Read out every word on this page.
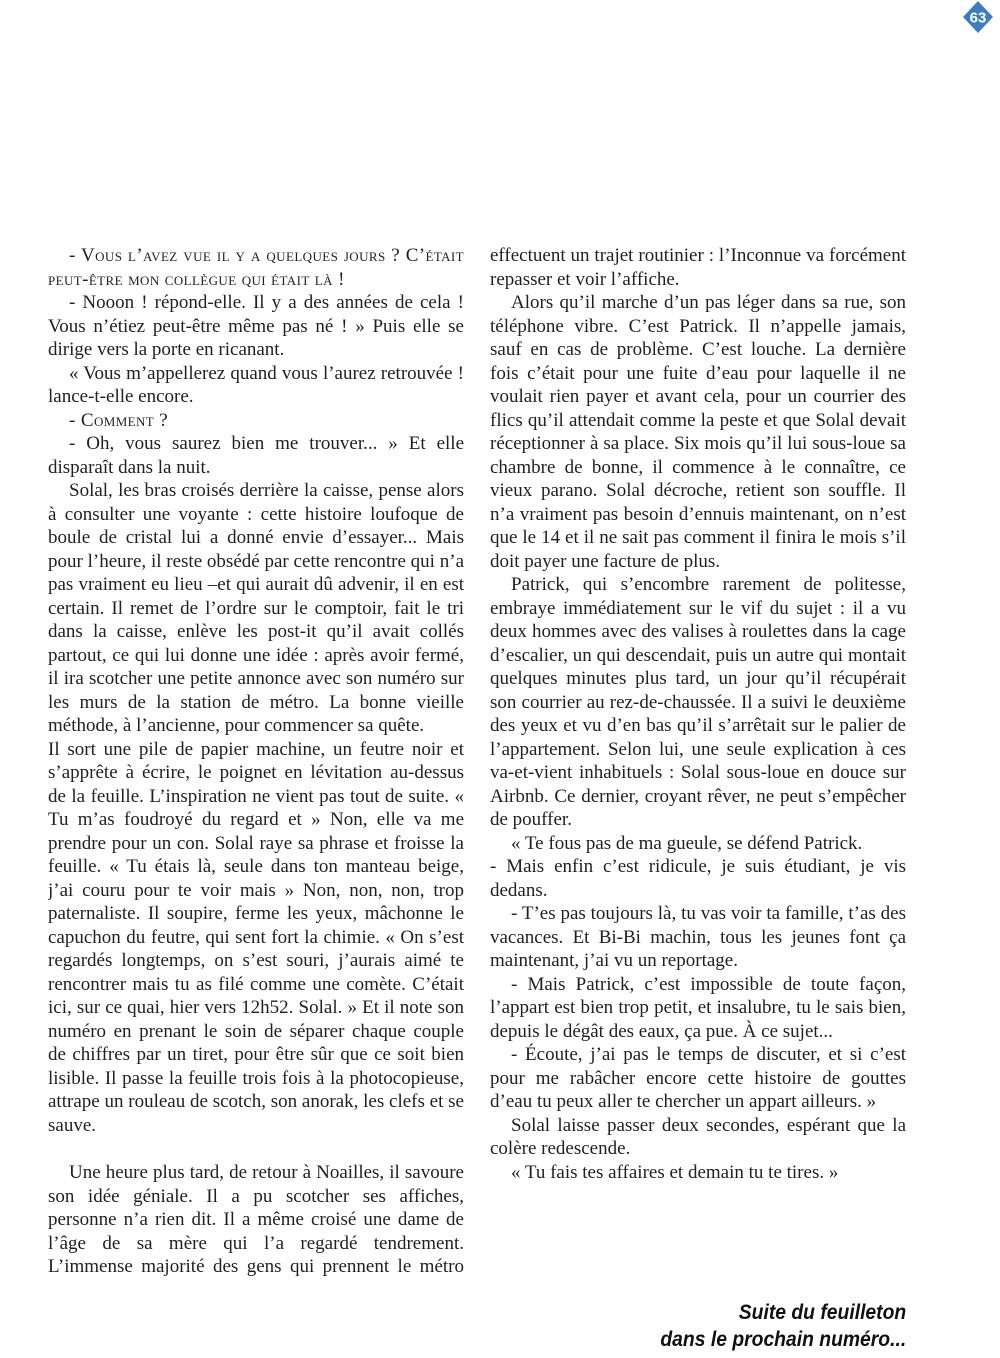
63

- Vous l’avez vue il y a quelques jours ? C’était peut-être mon collègue qui était là !

- Nooon ! répond-elle. Il y a des années de cela ! Vous n’étiez peut-être même pas né ! » Puis elle se dirige vers la porte en ricanant.

« Vous m’appellerez quand vous l’aurez retrouvée ! lance-t-elle encore.

- Comment ?

- Oh, vous saurez bien me trouver... » Et elle disparaît dans la nuit.

Solal, les bras croisés derrière la caisse, pense alors à consulter une voyante : cette histoire loufoque de boule de cristal lui a donné envie d’essayer... Mais pour l’heure, il reste obsédé par cette rencontre qui n’a pas vraiment eu lieu –et qui aurait dû advenir, il en est certain. Il remet de l’ordre sur le comptoir, fait le tri dans la caisse, enlève les post-it qu’il avait collés partout, ce qui lui donne une idée : après avoir fermé, il ira scotcher une petite annonce avec son numéro sur les murs de la station de métro. La bonne vieille méthode, à l’ancienne, pour commencer sa quête.

Il sort une pile de papier machine, un feutre noir et s’apprête à écrire, le poignet en lévitation au-dessus de la feuille. L’inspiration ne vient pas tout de suite. « Tu m’as foudroyé du regard et » Non, elle va me prendre pour un con. Solal raye sa phrase et froisse la feuille. « Tu étais là, seule dans ton manteau beige, j’ai couru pour te voir mais » Non, non, non, trop paternaliste. Il soupire, ferme les yeux, mâchonne le capuchon du feutre, qui sent fort la chimie. « On s’est regardés longtemps, on s’est souri, j’aurais aimé te rencontrer mais tu as filé comme une comète. C’était ici, sur ce quai, hier vers 12h52. Solal. » Et il note son numéro en prenant le soin de séparer chaque couple de chiffres par un tiret, pour être sûr que ce soit bien lisible. Il passe la feuille trois fois à la photocopieuse, attrape un rouleau de scotch, son anorak, les clefs et se sauve.

Une heure plus tard, de retour à Noailles, il savoure son idée géniale. Il a pu scotcher ses affiches, personne n’a rien dit. Il a même croisé une dame de l’âge de sa mère qui l’a regardé tendrement. L’immense majorité des gens qui prennent le métro effectuent un trajet routinier : l’Inconnue va forcément repasser et voir l’affiche.

Alors qu’il marche d’un pas léger dans sa rue, son téléphone vibre. C’est Patrick. Il n’appelle jamais, sauf en cas de problème. C’est louche. La dernière fois c’était pour une fuite d’eau pour laquelle il ne voulait rien payer et avant cela, pour un courrier des flics qu’il attendait comme la peste et que Solal devait réceptionner à sa place. Six mois qu’il lui sous-loue sa chambre de bonne, il commence à le connaître, ce vieux parano. Solal décroche, retient son souffle. Il n’a vraiment pas besoin d’ennuis maintenant, on n’est que le 14 et il ne sait pas comment il finira le mois s’il doit payer une facture de plus.

Patrick, qui s’encombre rarement de politesse, embraye immédiatement sur le vif du sujet : il a vu deux hommes avec des valises à roulettes dans la cage d’escalier, un qui descendait, puis un autre qui montait quelques minutes plus tard, un jour qu’il récupérait son courrier au rez-de-chaussée. Il a suivi le deuxième des yeux et vu d’en bas qu’il s’arrêtait sur le palier de l’appartement. Selon lui, une seule explication à ces va-et-vient inhabituels : Solal sous-loue en douce sur Airbnb. Ce dernier, croyant rêver, ne peut s’empêcher de pouffer.

« Te fous pas de ma gueule, se défend Patrick.

- Mais enfin c’est ridicule, je suis étudiant, je vis dedans.

- T’es pas toujours là, tu vas voir ta famille, t’as des vacances. Et Bi-Bi machin, tous les jeunes font ça maintenant, j’ai vu un reportage.

- Mais Patrick, c’est impossible de toute façon, l’appart est bien trop petit, et insalubre, tu le sais bien, depuis le dégât des eaux, ça pue. À ce sujet...

- Écoute, j’ai pas le temps de discuter, et si c’est pour me rabâcher encore cette histoire de gouttes d’eau tu peux aller te chercher un appart ailleurs. »

Solal laisse passer deux secondes, espérant que la colère redescende.

« Tu fais tes affaires et demain tu te tires. »

Suite du feuilleton
dans le prochain numéro...
